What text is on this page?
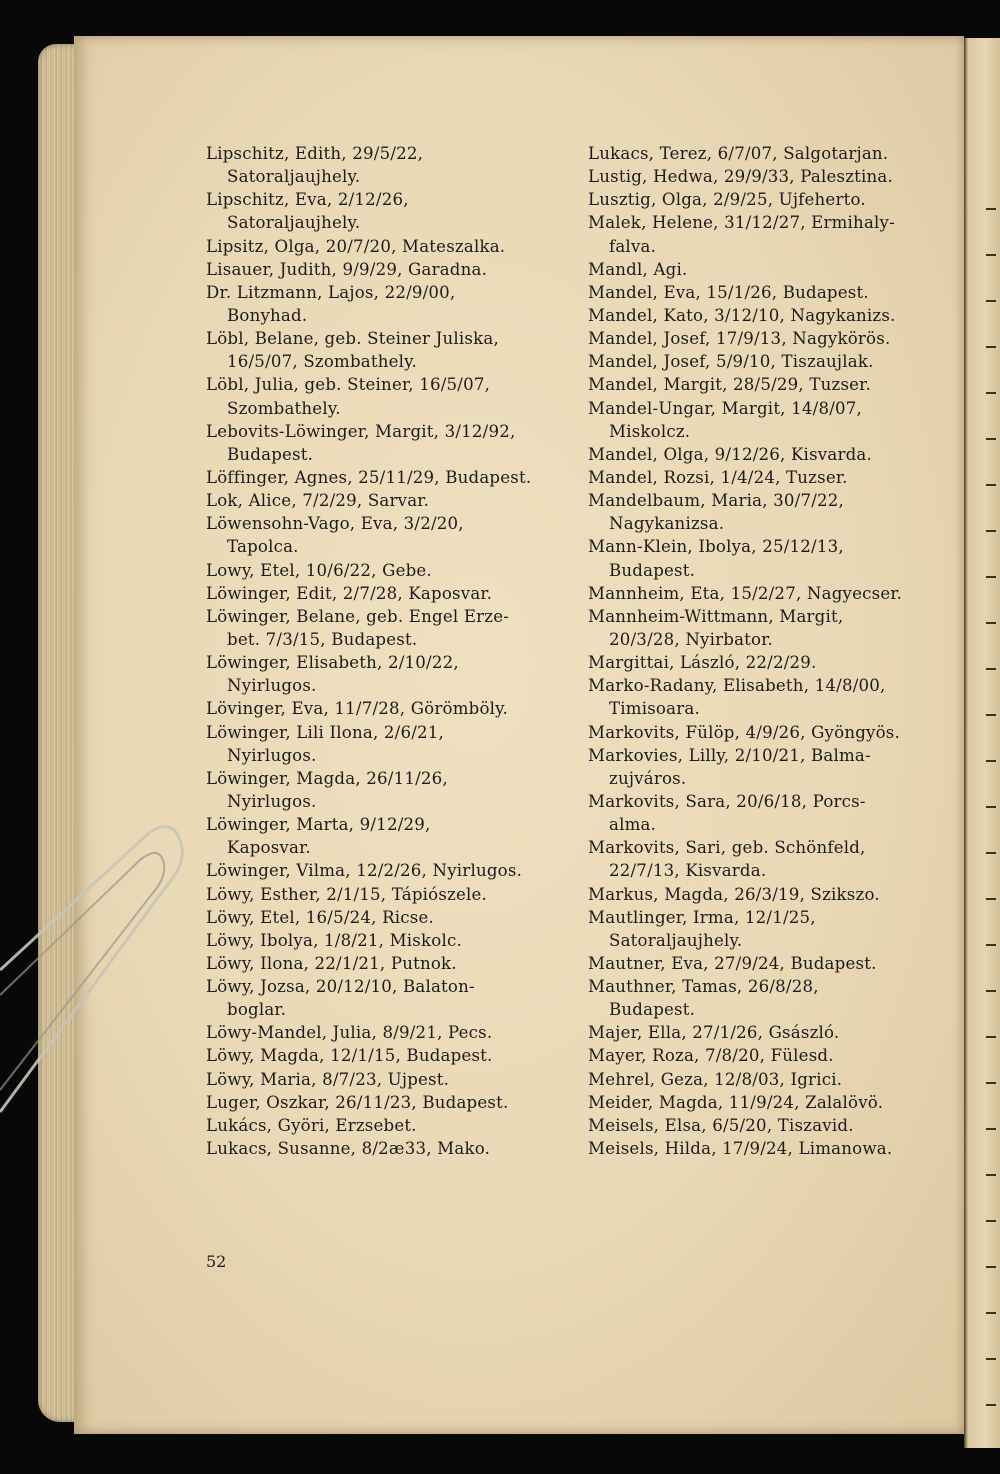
Lipschitz, Edith, 29/5/22,
Satoraljaujhely.
Lipschitz, Eva, 2/12/26,
Satoraljaujhely.
Lipsitz, Olga, 20/7/20, Mateszalka.
Lisauer, Judith, 9/9/29, Garadna.
Dr. Litzmann, Lajos, 22/9/00,
Bonyhad.
Löbl, Belane, geb. Steiner Juliska,
16/5/07, Szombathely.
Löbl, Julia, geb. Steiner, 16/5/07,
Szombathely.
Lebovits-Löwinger, Margit, 3/12/92,
Budapest.
Löffinger, Agnes, 25/11/29, Budapest.
Lok, Alice, 7/2/29, Sarvar.
Löwensohn-Vago, Eva, 3/2/20,
Tapolca.
Lowy, Etel, 10/6/22, Gebe.
Löwinger, Edit, 2/7/28, Kaposvar.
Löwinger, Belane, geb. Engel Erze-
bet. 7/3/15, Budapest.
Löwinger, Elisabeth, 2/10/22,
Nyirlugos.
Lövinger, Eva, 11/7/28, Görömböly.
Löwinger, Lili Ilona, 2/6/21,
Nyirlugos.
Löwinger, Magda, 26/11/26,
Nyirlugos.
Löwinger, Marta, 9/12/29,
Kaposvar.
Löwinger, Vilma, 12/2/26, Nyirlugos.
Löwy, Esther, 2/1/15, Tápiószele.
Löwy, Etel, 16/5/24, Ricse.
Löwy, Ibolya, 1/8/21, Miskolc.
Löwy, Ilona, 22/1/21, Putnok.
Löwy, Jozsa, 20/12/10, Balaton-
boglar.
Löwy-Mandel, Julia, 8/9/21, Pecs.
Löwy, Magda, 12/1/15, Budapest.
Löwy, Maria, 8/7/23, Ujpest.
Luger, Oszkar, 26/11/23, Budapest.
Lukács, Györi, Erzsebet.
Lukacs, Susanne, 8/2æ33, Mako.
Lukacs, Terez, 6/7/07, Salgotarjan.
Lustig, Hedwa, 29/9/33, Palesztina.
Lusztig, Olga, 2/9/25, Ujfeherto.
Malek, Helene, 31/12/27, Ermihaly-
falva.
Mandl, Agi.
Mandel, Eva, 15/1/26, Budapest.
Mandel, Kato, 3/12/10, Nagykanizs.
Mandel, Josef, 17/9/13, Nagykörös.
Mandel, Josef, 5/9/10, Tiszaujlak.
Mandel, Margit, 28/5/29, Tuzser.
Mandel-Ungar, Margit, 14/8/07,
Miskolcz.
Mandel, Olga, 9/12/26, Kisvarda.
Mandel, Rozsi, 1/4/24, Tuzser.
Mandelbaum, Maria, 30/7/22,
Nagykanizsa.
Mann-Klein, Ibolya, 25/12/13,
Budapest.
Mannheim, Eta, 15/2/27, Nagyecser.
Mannheim-Wittmann, Margit,
20/3/28, Nyirbator.
Margittai, László, 22/2/29.
Marko-Radany, Elisabeth, 14/8/00,
Timisoara.
Markovits, Fülöp, 4/9/26, Gyöngyös.
Markovies, Lilly, 2/10/21, Balma-
zujváros.
Markovits, Sara, 20/6/18, Porcs-
alma.
Markovits, Sari, geb. Schönfeld,
22/7/13, Kisvarda.
Markus, Magda, 26/3/19, Szikszo.
Mautlinger, Irma, 12/1/25,
Satoraljaujhely.
Mautner, Eva, 27/9/24, Budapest.
Mauthner, Tamas, 26/8/28,
Budapest.
Majer, Ella, 27/1/26, Gsászló.
Mayer, Roza, 7/8/20, Fülesd.
Mehrel, Geza, 12/8/03, Igrici.
Meider, Magda, 11/9/24, Zalalövö.
Meisels, Elsa, 6/5/20, Tiszavid.
Meisels, Hilda, 17/9/24, Limanowa.
52
